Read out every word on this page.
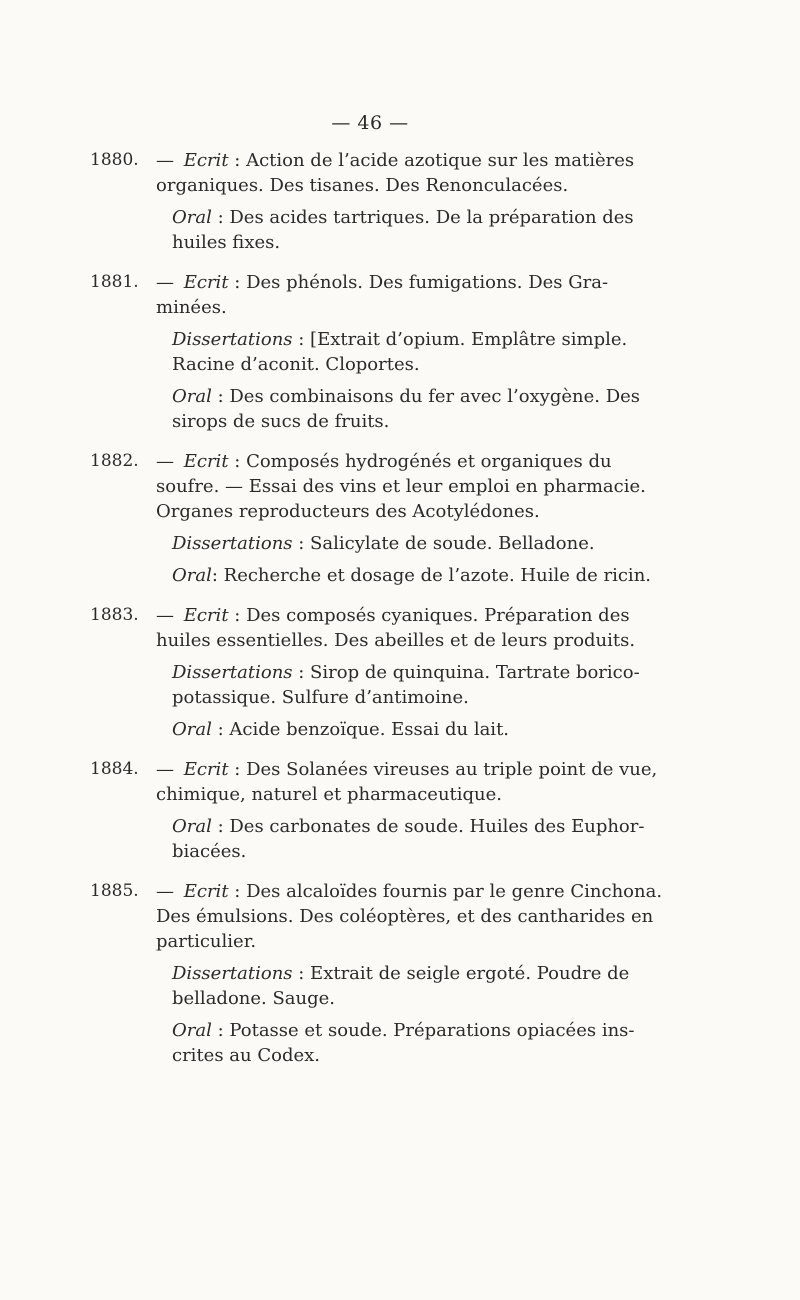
— 46 —
1880. — Ecrit : Action de l’acide azotique sur les matières
organiques. Des tisanes. Des Renonculacées.

Oral : Des acides tartriques. De la préparation des
huiles fixes.

1881. — Ecrit : Des phénols. Des fumigations. Des Gra-
minées.

Dissertations : [Extrait d’opium. Emplâtre simple.
Racine d’aconit. Cloportes.

Oral : Des combinaisons du fer avec l’oxygène. Des
sirops de sucs de fruits.

1882. — Ecrit : Composés hydrogénés et organiques du
soufre. — Essai des vins et leur emploi en pharmacie.
Organes reproducteurs des Acotylédones.

Dissertations : Salicylate de soude. Belladone.

Oral: Recherche et dosage de l’azote. Huile de ricin.

1883. — Ecrit : Des composés cyaniques. Préparation des
huiles essentielles. Des abeilles et de leurs produits.

Dissertations : Sirop de quinquina. Tartrate borico-
potassique. Sulfure d’antimoine.

Oral : Acide benzoïque. Essai du lait.

1884. — Ecrit : Des Solanées vireuses au triple point de vue,
chimique, naturel et pharmaceutique.

Oral : Des carbonates de soude. Huiles des Euphor-
biacées.

1885. — Ecrit : Des alcaloïdes fournis par le genre Cinchona.
Des émulsions. Des coléoptères, et des cantharides en
particulier.

Dissertations : Extrait de seigle ergoté. Poudre de
belladone. Sauge.

Oral : Potasse et soude. Préparations opiacées ins-
crites au Codex.
